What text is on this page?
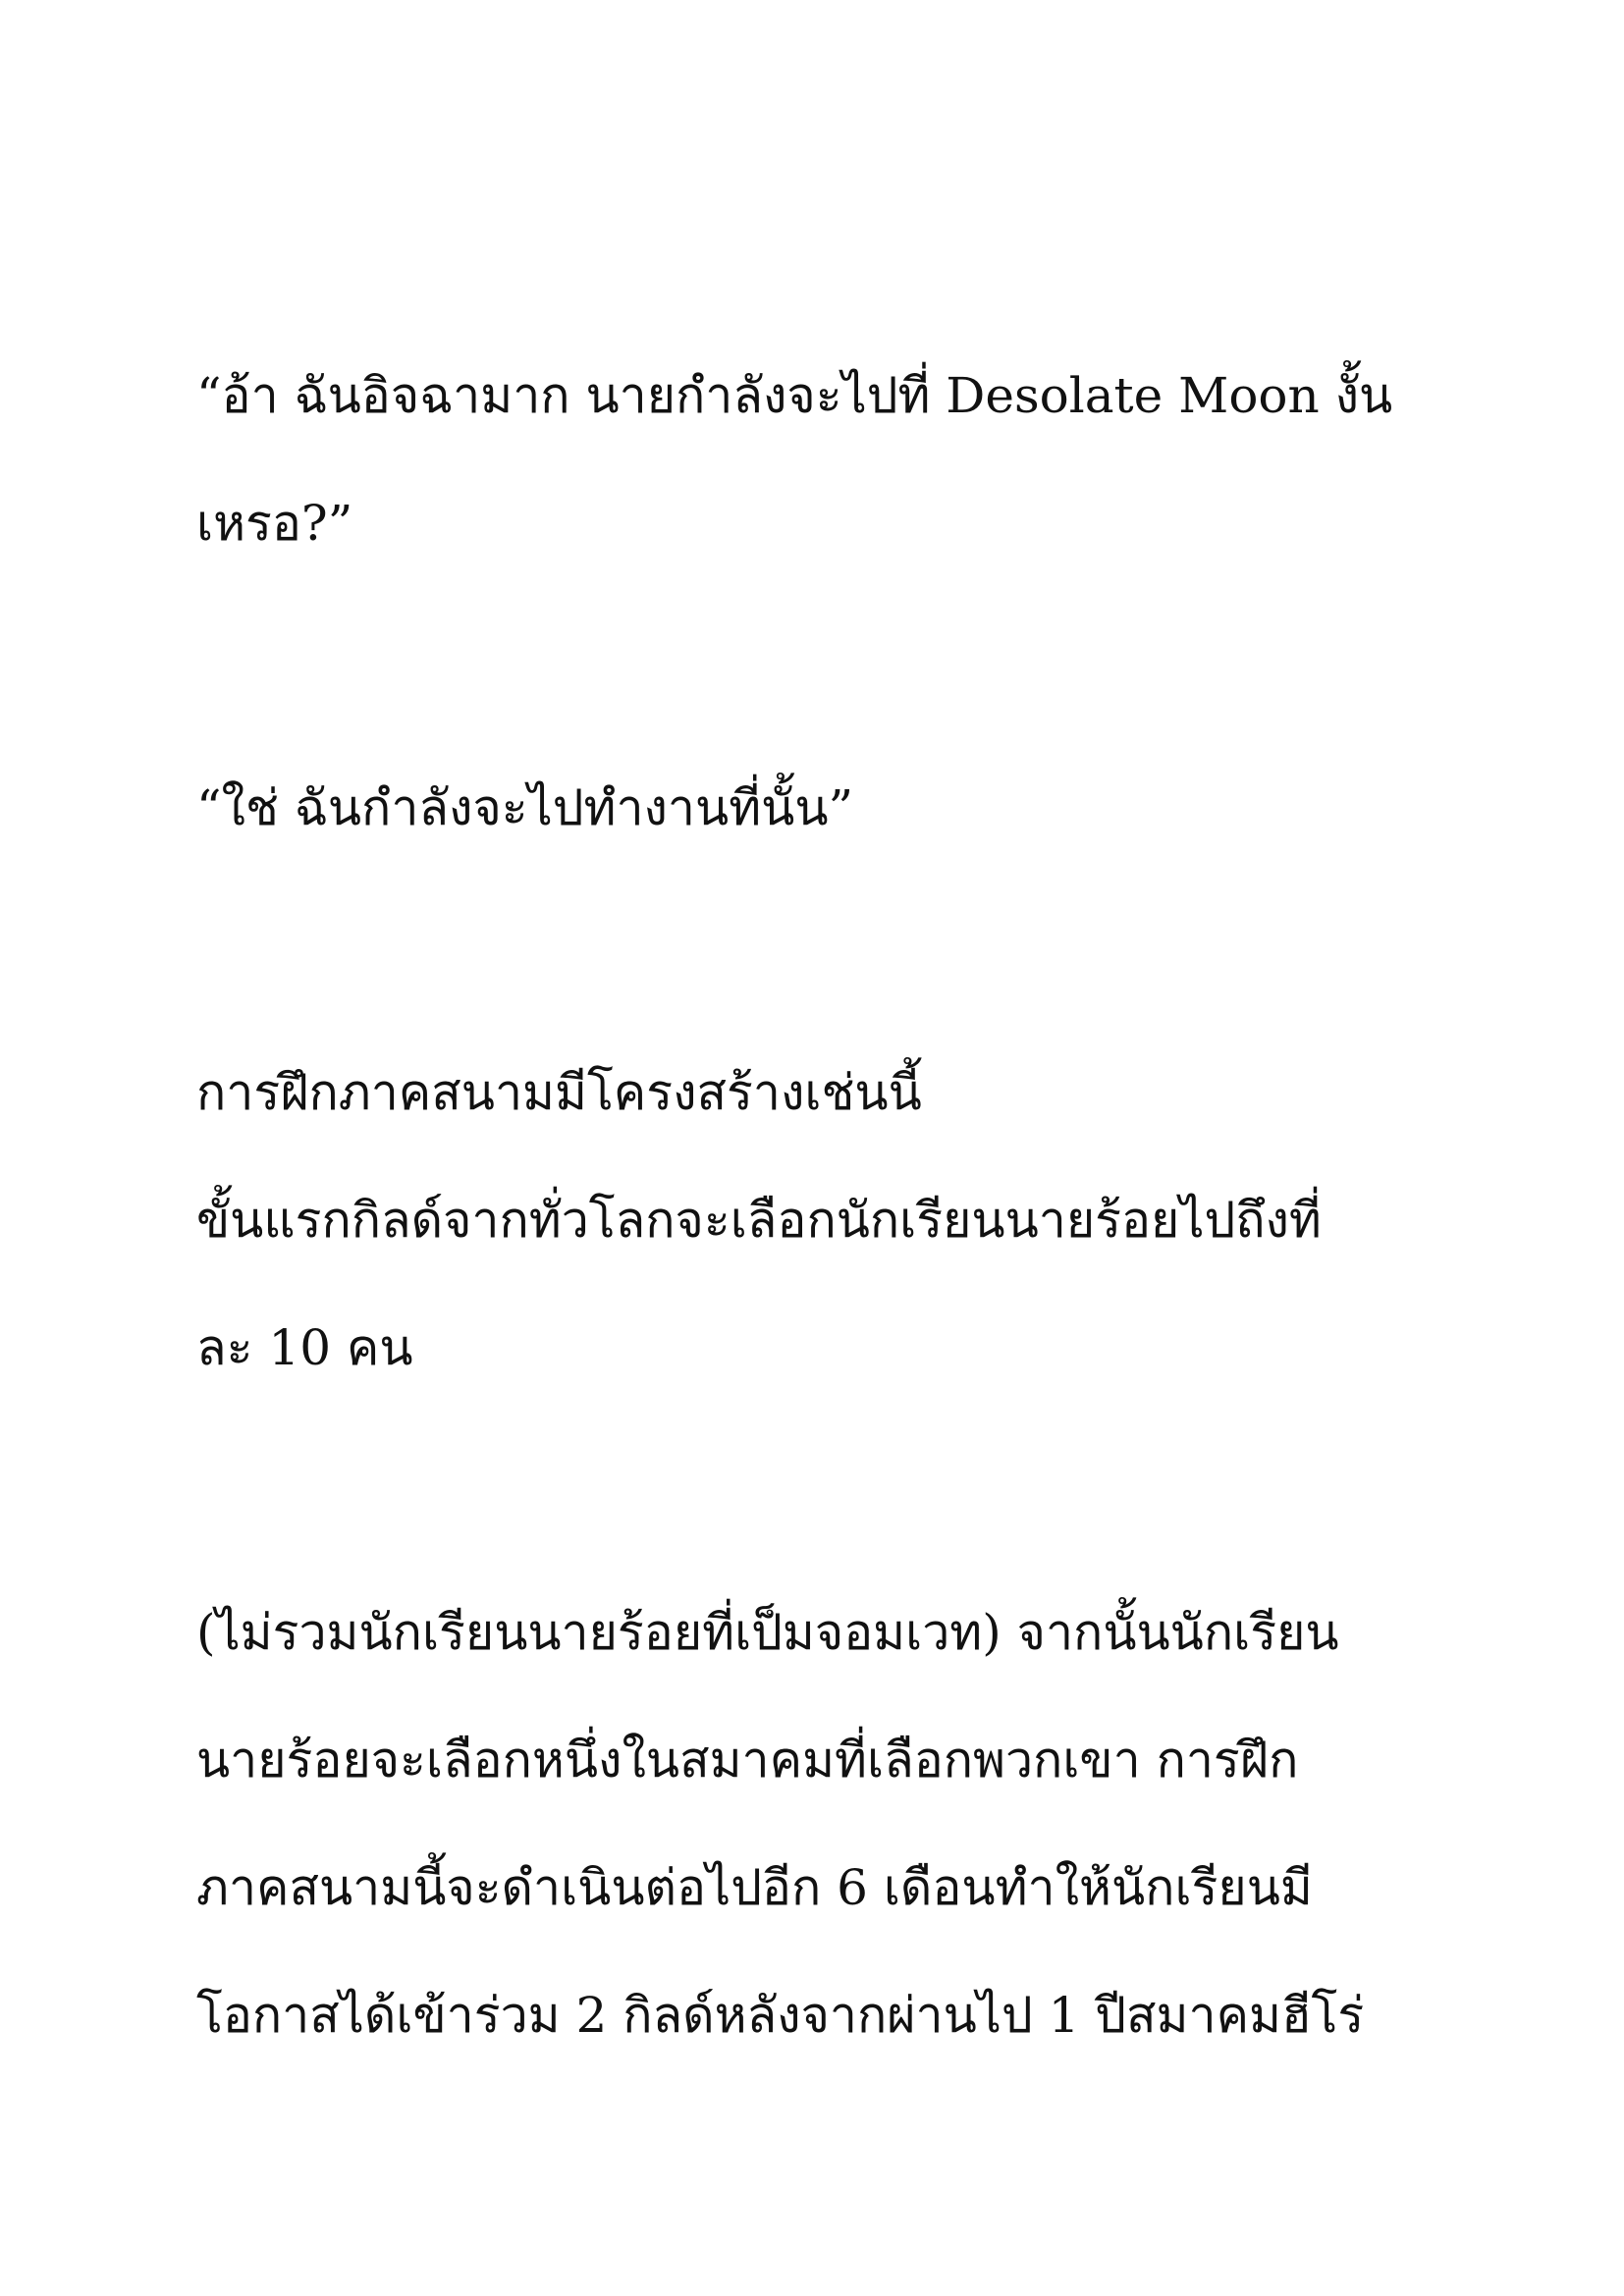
“อ้า ฉันอิจฉามาก นายกำลังจะไปที่ Desolate Moon งั้น
เหรอ?”
“ใช่ ฉันกำลังจะไปทำงานที่นั้น”
การฝึกภาคสนามมีโครงสร้างเช่นนี้
ขั้นแรกกิลด์จากทั่วโลกจะเลือกนักเรียนนายร้อยไปถึงที่
ละ 10 คน
(ไม่รวมนักเรียนนายร้อยที่เป็มจอมเวท) จากนั้นนักเรียน
นายร้อยจะเลือกหนึ่งในสมาคมที่เลือกพวกเขา การฝึก
ภาคสนามนี้จะดำเนินต่อไปอีก 6 เดือนทำให้นักเรียนมี
โอกาสได้เข้าร่วม 2 กิลด์หลังจากผ่านไป 1 ปีสมาคมฮีโร่
